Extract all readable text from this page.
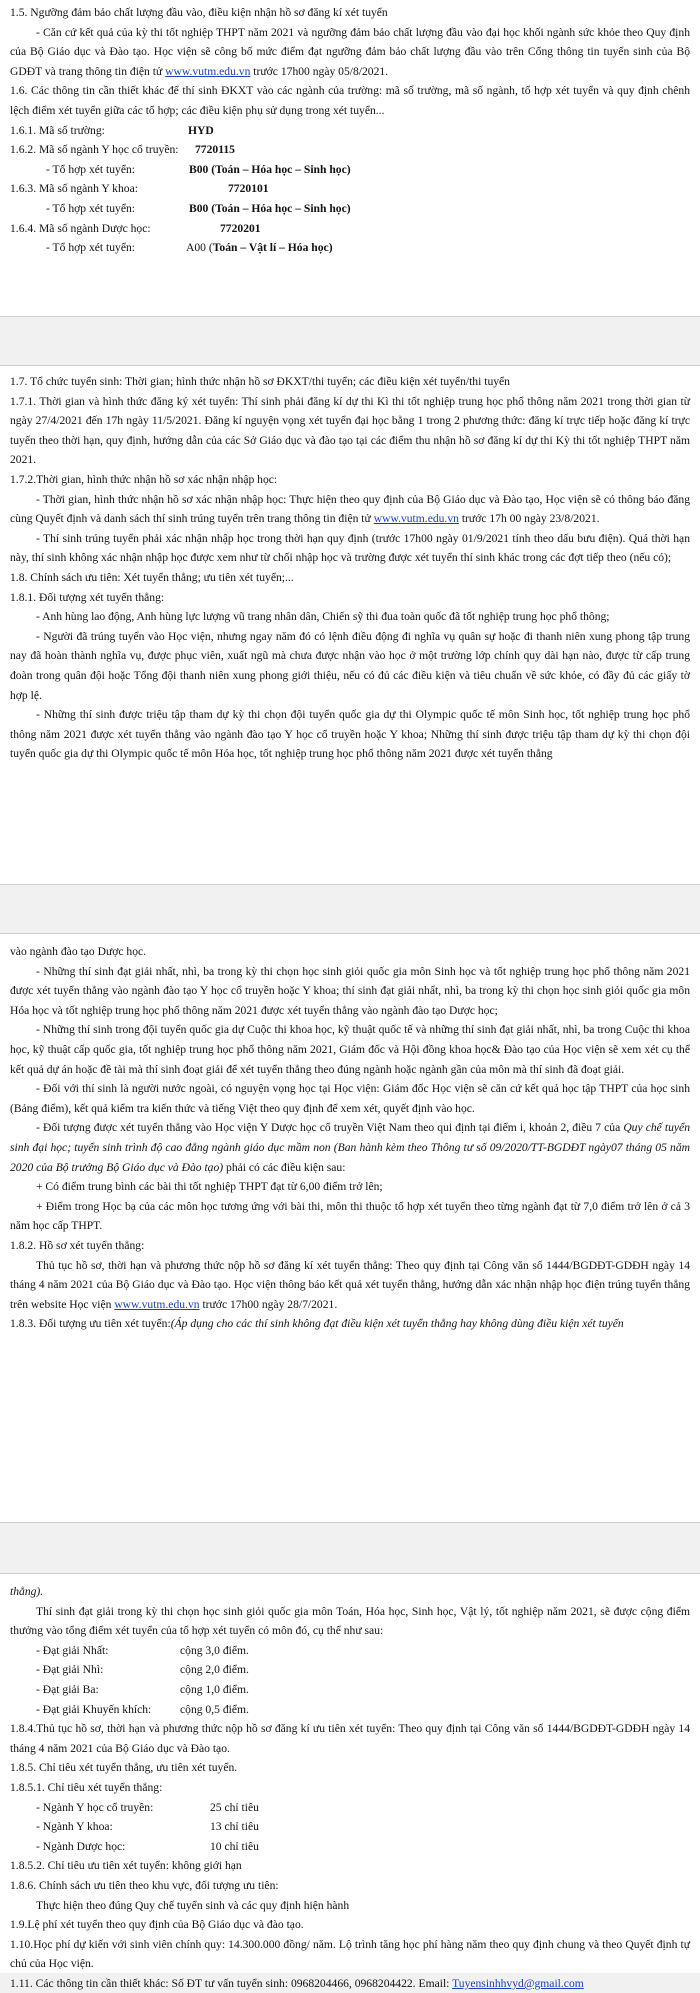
1.5. Ngưỡng đảm bảo chất lượng đầu vào, điều kiện nhận hồ sơ đăng kí xét tuyển

- Căn cứ kết quả của kỳ thi tốt nghiệp THPT năm 2021 và ngưỡng đảm bảo chất lượng đầu vào đại học khối ngành sức khỏe theo Quy định của Bộ Giáo dục và Đào tạo. Học viện sẽ công bố mức điểm đạt ngưỡng đảm bảo chất lượng đầu vào trên Cổng thông tin tuyển sinh của Bộ GDĐT và trang thông tin điện tử www.vutm.edu.vn trước 17h00 ngày 05/8/2021.

1.6. Các thông tin cần thiết khác để thí sinh ĐKXT vào các ngành của trường: mã số trường, mã số ngành, tổ hợp xét tuyển và quy định chênh lệch điểm xét tuyển giữa các tổ hợp; các điều kiện phụ sử dụng trong xét tuyển...

1.6.1. Mã số trường:	HYD
1.6.2. Mã số ngành Y học cổ truyền:	7720115
- Tổ hợp xét tuyển:	B00 (Toán – Hóa học – Sinh học)
1.6.3. Mã số ngành Y khoa:	7720101
- Tổ hợp xét tuyển:	B00 (Toán – Hóa học – Sinh học)
1.6.4. Mã số ngành Dược học:	7720201
- Tổ hợp xét tuyển:	A00 ( Toán – Vật lí – Hóa học)

1.7. Tổ chức tuyển sinh: Thời gian; hình thức nhận hồ sơ ĐKXT/thi tuyển; các điều kiện xét tuyển/thi tuyển

1.7.1. Thời gian và hình thức đăng ký xét tuyển: Thí sinh phải đăng kí dự thi Kì thi tốt nghiệp trung học phổ thông năm 2021 trong thời gian từ ngày 27/4/2021 đến 17h ngày 11/5/2021. Đăng kí nguyện vọng xét tuyển đại học bằng 1 trong 2 phương thức: đăng kí trực tiếp hoặc đăng kí trực tuyến theo thời hạn, quy định, hướng dẫn của các Sở Giáo dục và đào tạo tại các điểm thu nhận hồ sơ đăng kí dự thi Kỳ thi tốt nghiệp THPT năm 2021.

1.7.2.Thời gian, hình thức nhận hồ sơ xác nhận nhập học:

- Thời gian, hình thức nhận hồ sơ xác nhận nhập học: Thực hiện theo quy định của Bộ Giáo dục và Đào tạo, Học viện sẽ có thông báo đăng cùng Quyết định và danh sách thí sinh trúng tuyển trên trang thông tin điện tử www.vutm.edu.vn trước 17h 00 ngày 23/8/2021.

- Thí sinh trúng tuyển phải xác nhận nhập học trong thời hạn quy định (trước 17h00 ngày 01/9/2021 tính theo dấu bưu điện). Quá thời hạn này, thí sinh không xác nhận nhập học được xem như từ chối nhập học và trường được xét tuyển thí sinh khác trong các đợt tiếp theo (nếu có);

1.8. Chính sách ưu tiên: Xét tuyển thẳng; ưu tiên xét tuyển;...

1.8.1. Đối tượng xét tuyển thẳng:

- Anh hùng lao động, Anh hùng lực lượng vũ trang nhân dân, Chiến sỹ thi đua toàn quốc đã tốt nghiệp trung học phổ thông;

- Người đã trúng tuyển vào Học viện, nhưng ngay năm đó có lệnh điều động đi nghĩa vụ quân sự hoặc đi thanh niên xung phong tập trung nay đã hoàn thành nghĩa vụ, được phục viên, xuất ngũ mà chưa được nhận vào học ở một trường lớp chính quy dài hạn nào, được từ cấp trung đoàn trong quân đội hoặc Tổng đội thanh niên xung phong giới thiệu, nếu có đủ các điều kiện và tiêu chuẩn về sức khỏe, có đầy đủ các giấy tờ hợp lệ.

- Những thí sinh được triệu tập tham dự kỳ thi chọn đội tuyển quốc gia dự thi Olympic quốc tế môn Sinh học, tốt nghiệp trung học phổ thông năm 2021 được xét tuyển thẳng vào ngành đào tạo Y học cổ truyền hoặc Y khoa; Những thí sinh được triệu tập tham dự kỳ thi chọn đội tuyển quốc gia dự thi Olympic quốc tế môn Hóa học, tốt nghiệp trung học phổ thông năm 2021 được xét tuyển thẳng

vào ngành đào tạo Dược học.

- Những thí sinh đạt giải nhất, nhì, ba trong kỳ thi chọn học sinh giỏi quốc gia môn Sinh học và tốt nghiệp trung học phổ thông năm 2021 được xét tuyển thẳng vào ngành đào tạo Y học cổ truyền hoặc Y khoa; thí sinh đạt giải nhất, nhì, ba trong kỳ thi chọn học sinh giỏi quốc gia môn Hóa học và tốt nghiệp trung học phổ thông năm 2021 được xét tuyển thẳng vào ngành đào tạo Dược học;

- Những thí sinh trong đội tuyển quốc gia dự Cuộc thi khoa học, kỹ thuật quốc tế và những thí sinh đạt giải nhất, nhì, ba trong Cuộc thi khoa học, kỹ thuật cấp quốc gia, tốt nghiệp trung học phổ thông năm 2021, Giám đốc và Hội đồng khoa học& Đào tạo của Học viện sẽ xem xét cụ thể kết quả dự án hoặc đề tài mà thí sinh đoạt giải để xét tuyển thẳng theo đúng ngành hoặc ngành gần của môn mà thí sinh đã đoạt giải.

- Đối với thí sinh là người nước ngoài, có nguyện vọng học tại Học viện: Giám đốc Học viện sẽ căn cứ kết quả học tập THPT của học sinh (Bảng điểm), kết quả kiểm tra kiến thức và tiếng Việt theo quy định để xem xét, quyết định vào học.

- Đối tượng được xét tuyển thẳng vào Học viện Y Dược học cổ truyền Việt Nam theo qui định tại điểm i, khoản 2, điều 7 của Quy chế tuyển sinh đại học; tuyển sinh trình độ cao đẳng ngành giáo dục mầm non (Ban hành kèm theo Thông tư số 09/2020/TT-BGDĐT ngày07 tháng 05 năm 2020 của Bộ trưởng Bộ Giáo dục và Đào tạo) phải có các điều kiện sau:

+ Có điểm trung bình các bài thi tốt nghiệp THPT đạt từ 6,00 điểm trở lên;

+ Điểm trong Học bạ của các môn học tương ứng với bài thi, môn thi thuộc tổ hợp xét tuyển theo từng ngành đạt từ 7,0 điểm trở lên ở cả 3 năm học cấp THPT.

1.8.2. Hồ sơ xét tuyển thẳng:

Thủ tục hồ sơ, thời hạn và phương thức nộp hồ sơ đăng kí xét tuyển thẳng: Theo quy định tại Công văn số 1444/BGDĐT-GDĐH ngày 14 tháng 4 năm 2021 của Bộ Giáo dục và Đào tạo. Học viện thông báo kết quả xét tuyển thẳng, hướng dẫn xác nhận nhập học điện trúng tuyển thẳng trên website Học viện www.vutm.edu.vn trước 17h00 ngày 28/7/2021.

1.8.3. Đối tượng ưu tiên xét tuyển:(Áp dụng cho các thí sinh không đạt điều kiện xét tuyển thẳng hay không dùng điều kiện xét tuyển

thẳng).

Thí sinh đạt giải trong kỳ thi chọn học sinh giỏi quốc gia môn Toán, Hóa học, Sinh học, Vật lý, tốt nghiệp năm 2021, sẽ được cộng điểm thưởng vào tổng điểm xét tuyển của tổ hợp xét tuyển có môn đó, cụ thể như sau:

- Đạt giải Nhất:	cộng 3,0 điểm.
- Đạt giải Nhì:	cộng 2,0 điểm.
- Đạt giải Ba:	cộng 1,0 điểm.
- Đạt giải Khuyến khích:	cộng 0,5 điểm.

1.8.4.Thủ tục hồ sơ, thời hạn và phương thức nộp hồ sơ đăng kí ưu tiên xét tuyển: Theo quy định tại Công văn số 1444/BGDĐT-GDĐH ngày 14 tháng 4 năm 2021 của Bộ Giáo dục và Đào tạo.

1.8.5. Chỉ tiêu xét tuyển thẳng, ưu tiên xét tuyển.

1.8.5.1. Chỉ tiêu xét tuyển thẳng:

- Ngành Y học cổ truyền:	25 chỉ tiêu
- Ngành Y khoa:	13 chỉ tiêu
- Ngành Dược học:	10 chỉ tiêu

1.8.5.2. Chỉ tiêu ưu tiên xét tuyển: không giới hạn

1.8.6. Chính sách ưu tiên theo khu vực, đối tượng ưu tiên:

Thực hiện theo đúng Quy chế tuyển sinh và các quy định hiện hành

1.9.Lệ phí xét tuyển theo quy định của Bộ Giáo dục và đào tạo.

1.10.Học phí dự kiến với sinh viên chính quy: 14.300.000 đồng/ năm. Lộ trình tăng học phí hàng năm theo quy định chung và theo Quyết định tự chủ của Học viện.

1.11. Các thông tin cần thiết khác: Số ĐT tư vấn tuyển sinh: 0968204466, 0968204422. Email: Tuyensinhhvyd@gmail.com
